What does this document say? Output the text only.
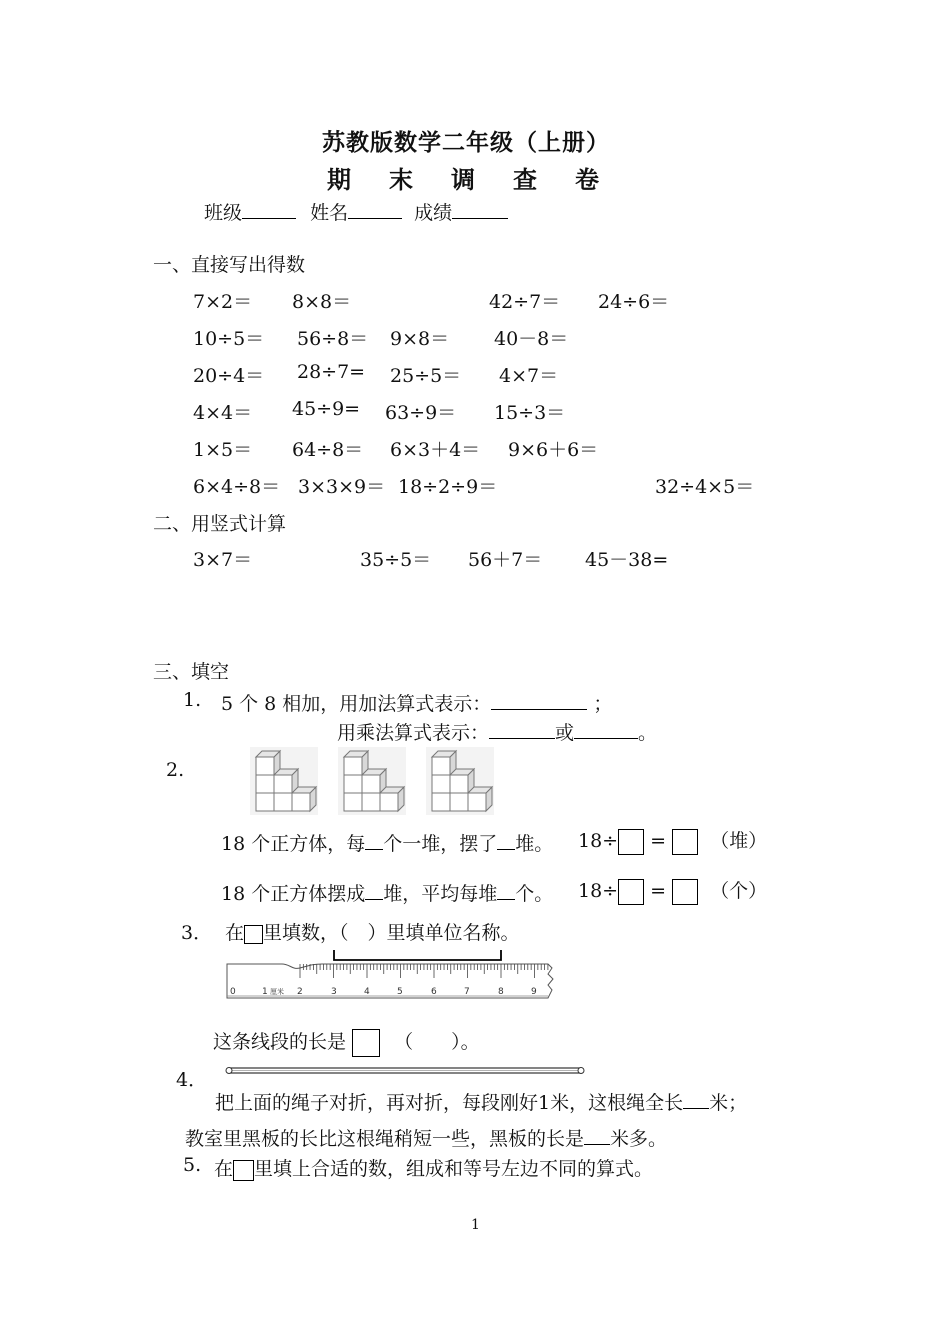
苏教版数学二年级（上册）
期 末 调 查 卷
班级	姓名	成绩
一、直接写出得数
7×2＝ 8×8＝	42÷7＝ 24÷6＝
10÷5＝ 56÷8＝ 9×8＝ 40－8＝
20÷4＝ 28÷7= 25÷5＝ 4×7＝
4×4＝ 45÷9= 63÷9＝ 15÷3＝
1×5＝ 64÷8＝ 6×3＋4＝ 9×6＋6＝
6×4÷8＝ 3×3×9＝ 18÷2÷9＝	32÷4×5＝
二、用竖式计算
3×7＝	35÷5＝ 56＋7＝ 45－38=
三、填空
1. 5 个 8 相加，用加法算式表示：	；
用乘法算式表示：	或	。
2.
18 个正方体，每 个一堆，摆了 堆。 18÷ = （堆）
18 个正方体摆成 堆，平均每堆 个。 18÷ = （个）
3． 在 里填数，（　）里填单位名称。
0	1 厘米 2	3	4	5	6	7	8	9
这条线段的长是	（　　）。
4．
把上面的绳子对折，再对折，每段刚好1米，这根绳全长 米；
教室里黑板的长比这根绳稍短一些，黑板的长是 米多。
5. 在 里填上合适的数，组成和等号左边不同的算式。
1
